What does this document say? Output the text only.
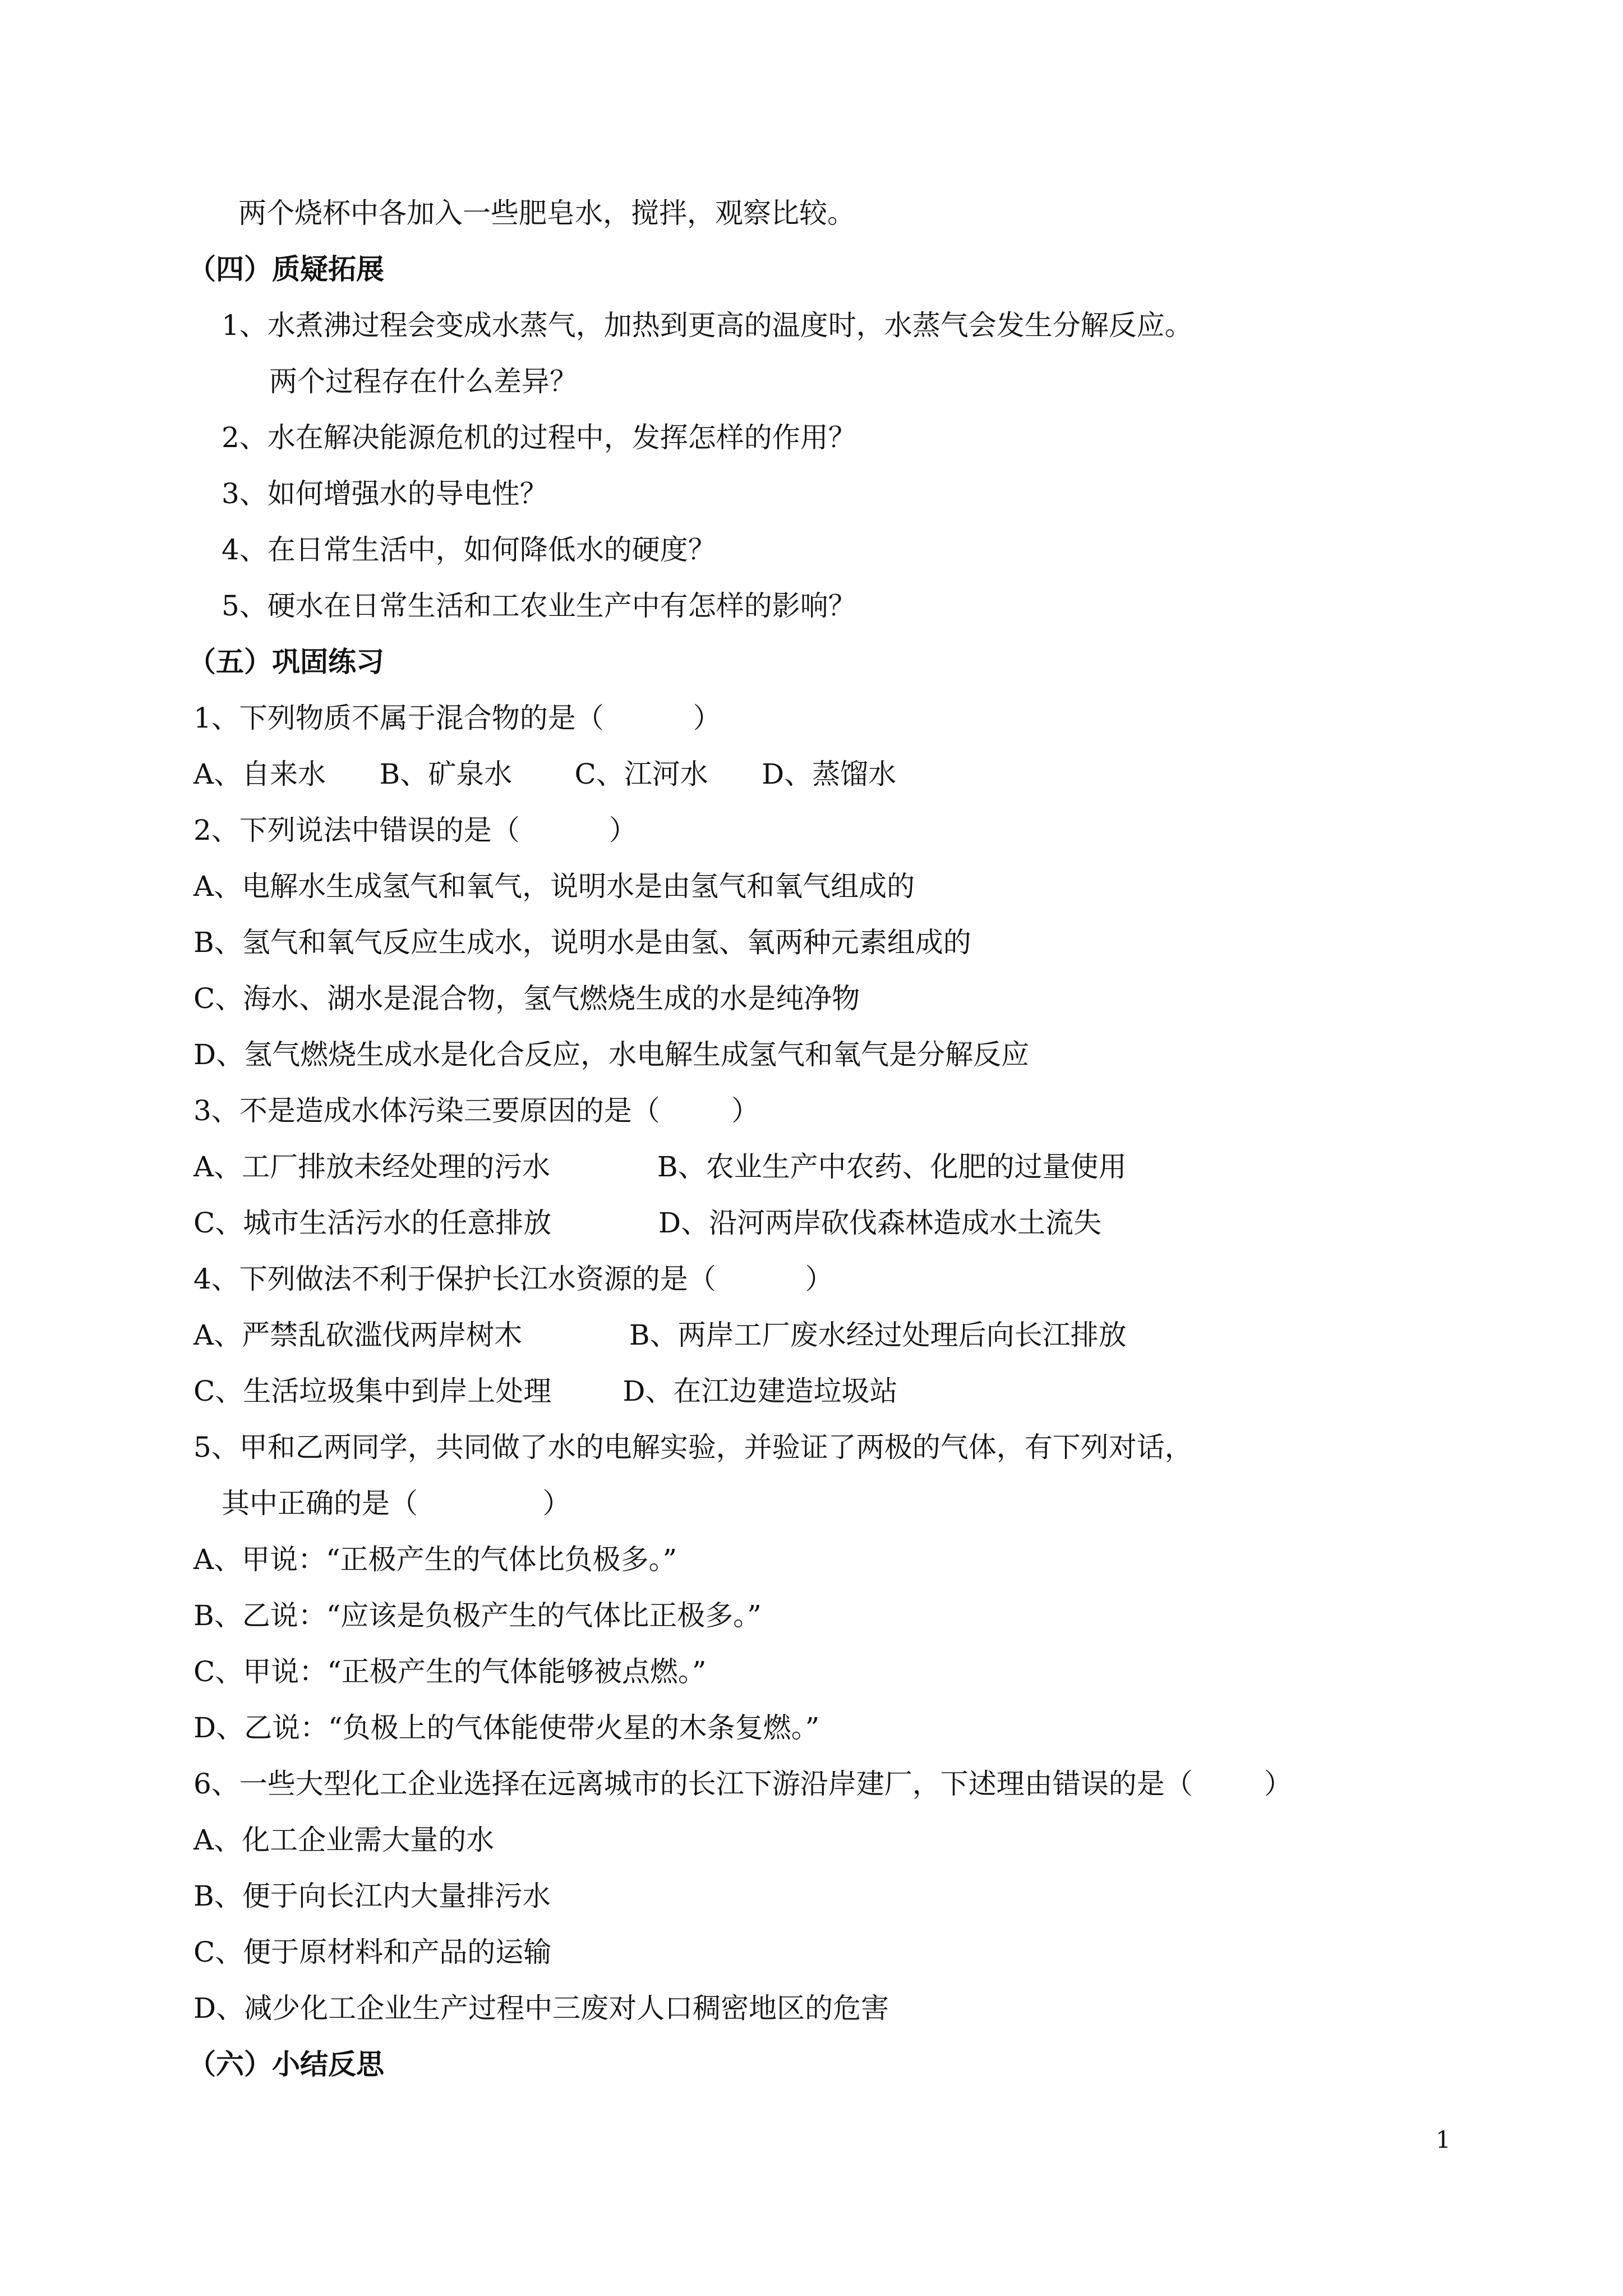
两个烧杯中各加入一些肥皂水，搅拌，观察比较。
（四）质疑拓展
1、水煮沸过程会变成水蒸气，加热到更高的温度时，水蒸气会发生分解反应。
两个过程存在什么差异？
2、水在解决能源危机的过程中，发挥怎样的作用？
3、如何增强水的导电性？
4、在日常生活中，如何降低水的硬度？
5、硬水在日常生活和工农业生产中有怎样的影响？
（五）巩固练习
1、下列物质不属于混合物的是（          ）
A、自来水      B、矿泉水       C、江河水      D、蒸馏水
2、下列说法中错误的是（          ）
A、电解水生成氢气和氧气，说明水是由氢气和氧气组成的
B、氢气和氧气反应生成水，说明水是由氢、氧两种元素组成的
C、海水、湖水是混合物，氢气燃烧生成的水是纯净物
D、氢气燃烧生成水是化合反应，水电解生成氢气和氧气是分解反应
3、不是造成水体污染三要原因的是（        ）
A、工厂排放未经处理的污水            B、农业生产中农药、化肥的过量使用
C、城市生活污水的任意排放            D、沿河两岸砍伐森林造成水土流失
4、下列做法不利于保护长江水资源的是（          ）
A、严禁乱砍滥伐两岸树木            B、两岸工厂废水经过处理后向长江排放
C、生活垃圾集中到岸上处理        D、在江边建造垃圾站
5、甲和乙两同学，共同做了水的电解实验，并验证了两极的气体，有下列对话，
其中正确的是（              ）
A、甲说：“正极产生的气体比负极多。”
B、乙说：“应该是负极产生的气体比正极多。”
C、甲说：“正极产生的气体能够被点燃。”
D、乙说：“负极上的气体能使带火星的木条复燃。”
6、一些大型化工企业选择在远离城市的长江下游沿岸建厂，下述理由错误的是（        ）
A、化工企业需大量的水
B、便于向长江内大量排污水
C、便于原材料和产品的运输
D、减少化工企业生产过程中三废对人口稠密地区的危害
（六）小结反思
1
